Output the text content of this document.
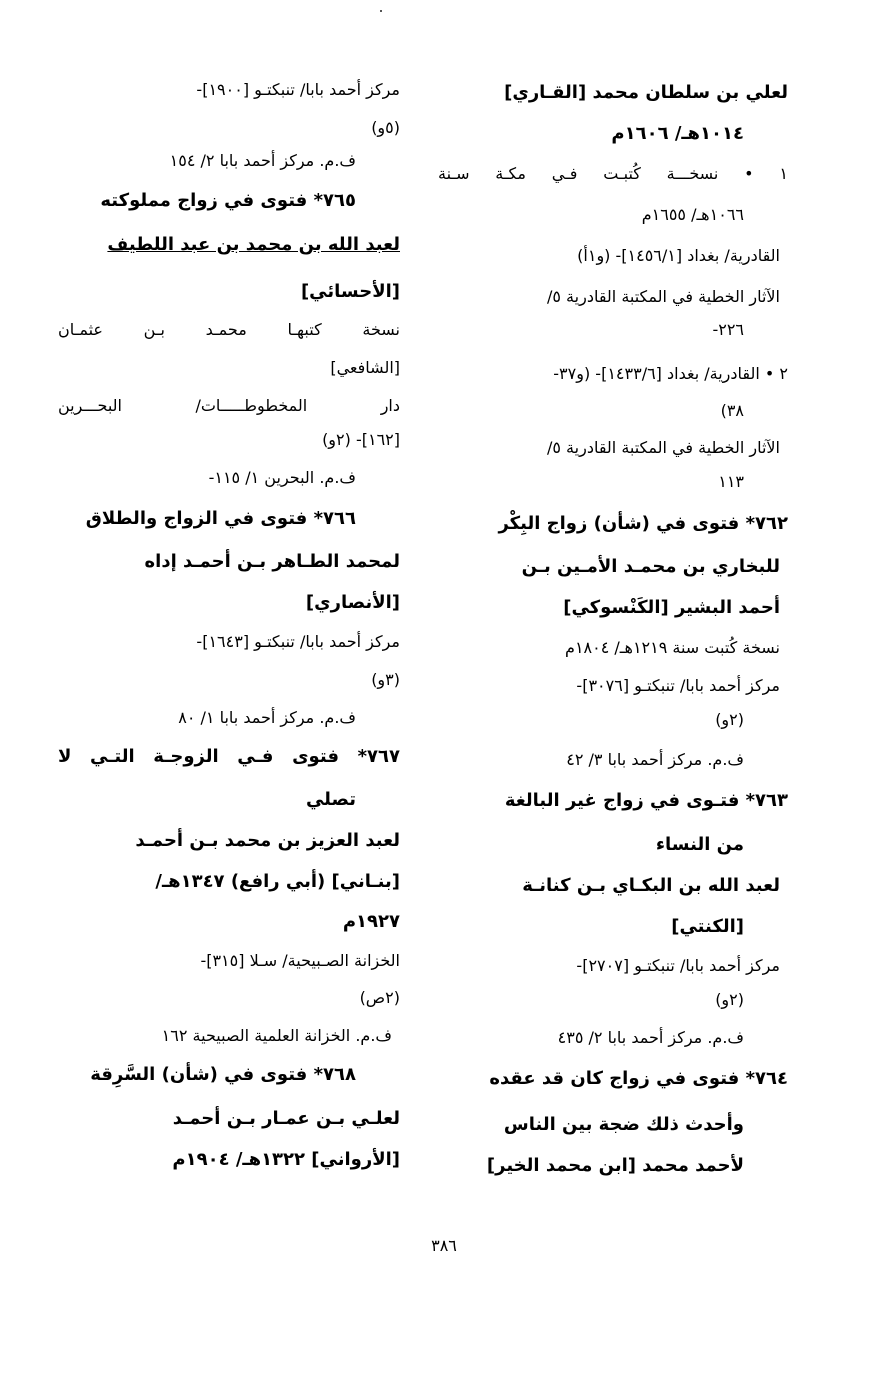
لعلي بن سلطان محمد [القـاري]
١٠١٤هـ/ ١٦٠٦م
١ • نسخـــة كُتبـت فـي مكـة سـنة
١٠٦٦هـ/ ١٦٥٥م
القادرية/ بغداد [١٤٥٦/١]- (و١أ)
الآثار الخطية في المكتبة القادرية ٥/
٢٢٦-
٢ • القادرية/ بغداد [١٤٣٣/٦]- (و٣٧-
٣٨)
الآثار الخطية في المكتبة القادرية ٥/
١١٣
٧٦٢* فتوى في (شأن) زواج البِكْر
للبخاري بن محمـد الأمـين بـن
أحمد البشير [الكَنْسوكي]
نسخة كُتبت سنة ١٢١٩هـ/ ١٨٠٤م
مركز أحمد بابا/ تنبكتـو [٣٠٧٦]-
(٢و)
ف.م. مركز أحمد بابا ٣/ ٤٢
٧٦٣* فتـوى في زواج غير البالغة
من النساء
لعبد الله بن البكـاي بـن كنانـة
[الكنتي]
مركز أحمد بابا/ تنبكتـو [٢٧٠٧]-
(٢و)
ف.م. مركز أحمد بابا ٢/ ٤٣٥
٧٦٤* فتوى في زواج كان قد عقده
وأحدث ذلك ضجة بين الناس
لأحمد محمد [ابن محمد الخير]
مركز أحمد بابا/ تنبكتـو [١٩٠٠]-
(٥و)
ف.م. مركز أحمد بابا ٢/ ١٥٤
٧٦٥* فتوى في زواج مملوكته
لعبد الله بن محمد بن عبد اللطيف
[الأحسائي]
نسخة كتبهـا محمـد بـن عثمـان
[الشافعي]
دار المخطوطـــــات/ البحـــرين
[١٦٢]- (٢و)
ف.م. البحرين ١/ ١١٥-
٧٦٦* فتوى في الزواج والطلاق
لمحمد الطـاهر بـن أحمـد إداه
[الأنصاري]
مركز أحمد بابا/ تنبكتـو [١٦٤٣]-
(٣و)
ف.م. مركز أحمد بابا ١/ ٨٠
٧٦٧* فتوى فـي الزوجـة التـي لا
تصلي
لعبد العزيز بن محمد بـن أحمـد
[بنـاني] (أبي رافع) ١٣٤٧هـ/
١٩٢٧م
الخزانة الصـبيحية/ سـلا [٣١٥]-
(٢ص)
ف.م. الخزانة العلمية الصبيحية ١٦٢
٧٦٨* فتوى في (شأن) السَّرِقة
لعلـي بـن عمـار بـن أحمـد
[الأرواني] ١٣٢٢هـ/ ١٩٠٤م
٣٨٦
